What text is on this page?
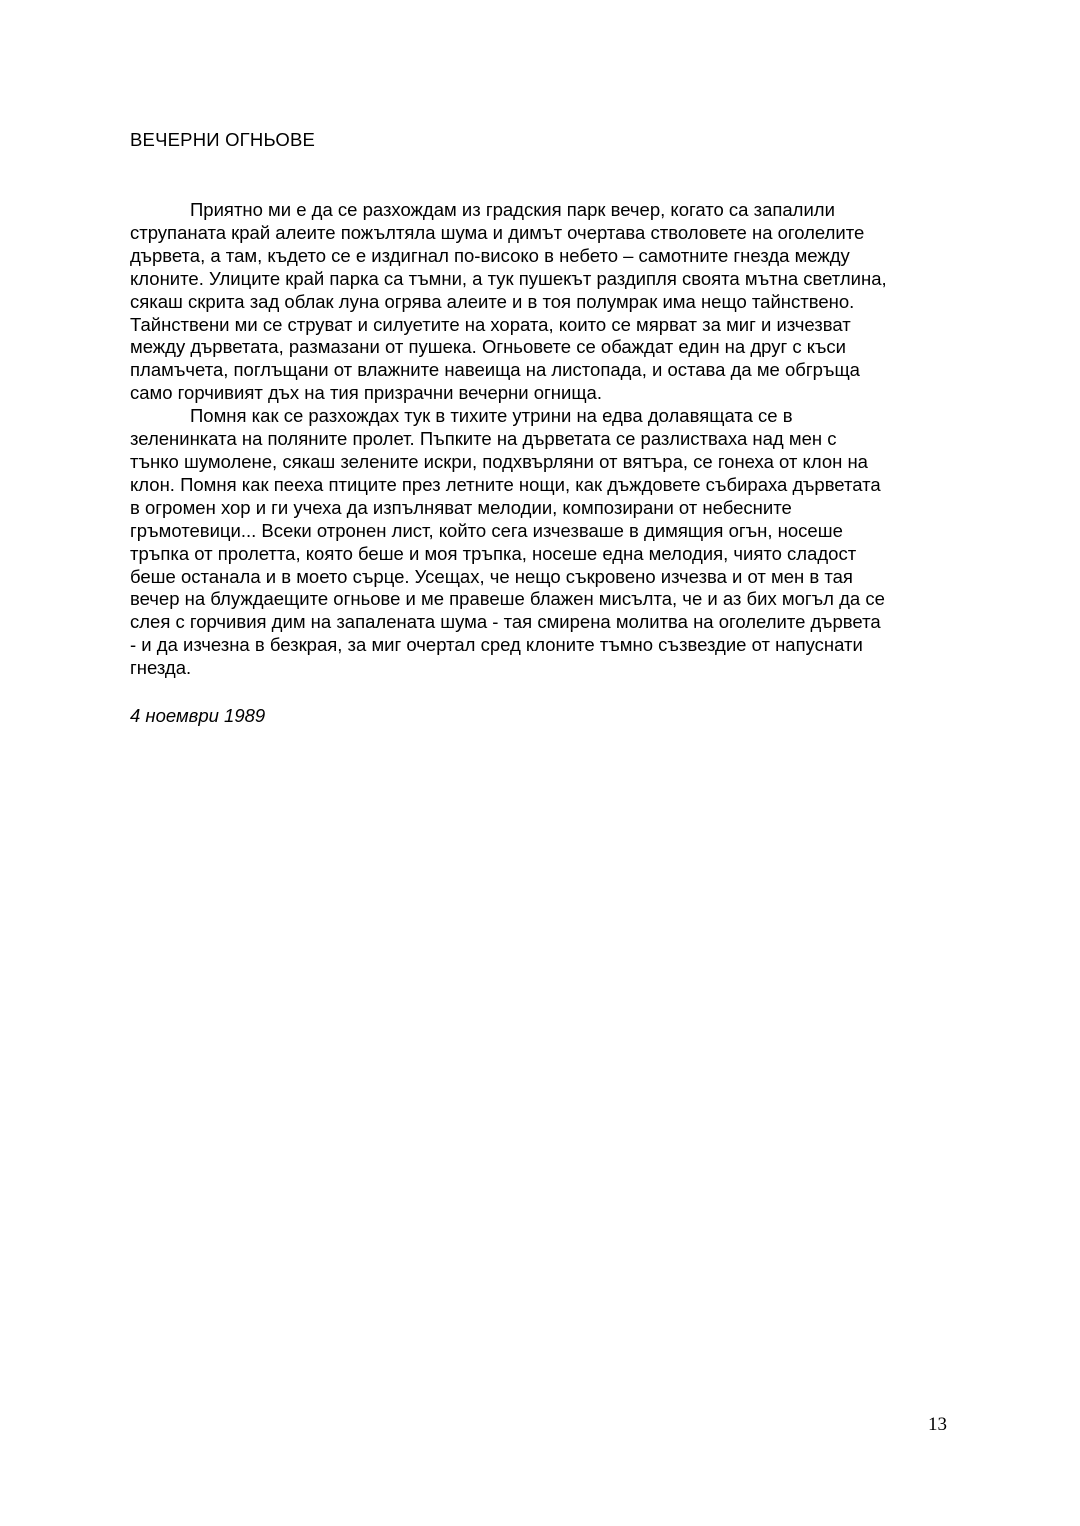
ВЕЧЕРНИ ОГНЬОВЕ
Приятно ми е да се разхождам из градския парк вечер, когато са запалили
струпаната край алеите пожълтяла шума и димът очертава стволовете на оголелите
дървета, а там, където се е издигнал по-високо в небето – самотните гнезда между
клоните. Улиците край парка са тъмни, а тук пушекът раздипля своята мътна светлина,
сякаш скрита зад облак луна огрява алеите и в тоя полумрак има нещо тайнствено.
Тайнствени ми се струват и силуетите на хората, които се мярват за миг и изчезват
между дърветата, размазани от пушека. Огньовете се обаждат един на друг с къси
пламъчета, поглъщани от влажните навеища на листопада, и остава да ме обгръща
само горчивият дъх на тия призрачни вечерни огнища.
Помня как се разхождах тук в тихите утрини на едва долавящата се в
зеленинката на поляните пролет. Пъпките на дърветата се разлистваха над мен с
тънко шумолене, сякаш зелените искри, подхвърляни от вятъра, се гонеха от клон на
клон. Помня как пееха птиците през летните нощи, как дъждовете събираха дърветата
в огромен хор и ги учеха да изпълняват мелодии, композирани от небесните
гръмотевици... Всеки отронен лист, който сега изчезваше в димящия огън, носеше
тръпка от пролетта, която беше и моя тръпка, носеше една мелодия, чиято сладост
беше останала и в моето сърце. Усещах, че нещо съкровено изчезва и от мен в тая
вечер на блуждаещите огньове и ме правеше блажен мисълта, че и аз бих могъл да се
слея с горчивия дим на запалената шума - тая смирена молитва на оголелите дървета
- и да изчезна в безкрая, за миг очертал сред клоните тъмно съзвездие от напуснати
гнезда.
4 ноември 1989
13
